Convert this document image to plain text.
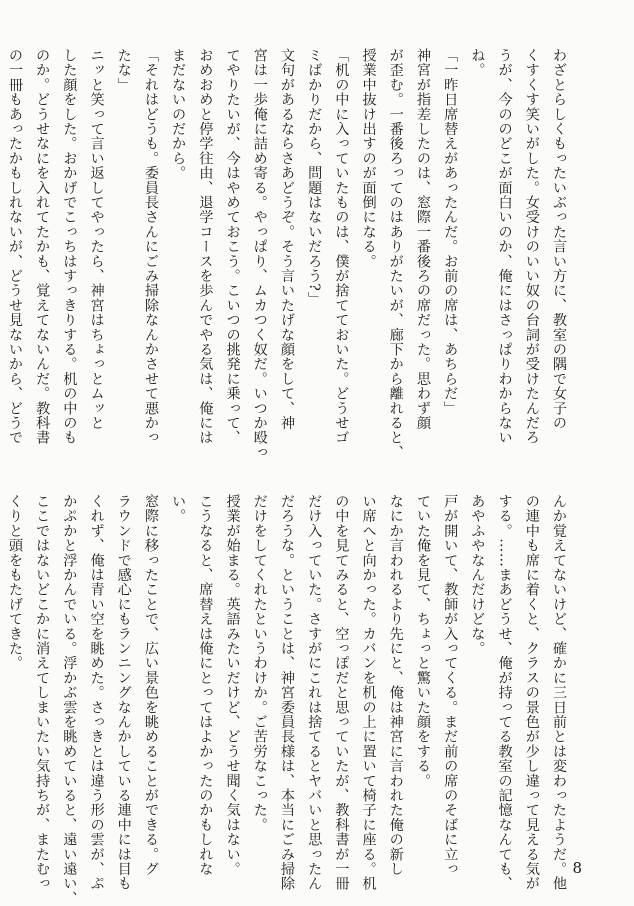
わざとらしくもったいぶった言い方に、教室の隅で女子の
くすくす笑いがした。女受けのいい奴の台詞が受けたんだろ
うが、今ののどこが面白いのか、俺にはさっぱりわからない
ね。
「一昨日席替えがあったんだ。お前の席は、あちらだ」
神宮が指差したのは、窓際一番後ろの席だった。思わず顔
が歪む。一番後ろってのはありがたいが、廊下から離れると、
授業中抜け出すのが面倒になる。
「机の中に入っていたものは、僕が捨てておいた。どうせゴ
ミばかりだから、問題はないだろう?」
文句があるならさあどうぞ。そう言いたげな顔をして、神
宮は一歩俺に詰め寄る。やっぱり、ムカつく奴だ。いつか殴っ
てやりたいが、今はやめておこう。こいつの挑発に乗って、
おめおめと停学往由、退学コースを歩んでやる気は、俺には
まだないのだから。
「それはどうも。委員長さんにごみ掃除なんかさせて悪かっ
たな」
ニッと笑って言い返してやったら、神宮はちょっとムッと
した顔をした。おかげでこっちはすっきりする。机の中のも
のか。どうせなにを入れてたかも、覚えてないんだ。教科書
の一冊もあったかもしれないが、どうせ見ないから、どうで
んか覚えてないけど、確かに三日前とは変わったようだ。他
の連中も席に着くと、クラスの景色が少し違って見える気が
する。……まあどうせ、俺が持ってる教室の記憶なんても、
あやふやなんだけどな。
戸が開いて、教師が入ってくる。まだ前の席のそばに立っ
ていた俺を見て、ちょっと驚いた顔をする。
なにか言われるより先にと、俺は神宮に言われた俺の新し
い席へと向かった。カバンを机の上に置いて椅子に座る。机
の中を見てみると、空っぽだと思っていたが、教科書が一冊
だけ入っていた。さすがにこれは捨てるとヤバいと思ったん
だろうな。ということは、神宮委員長様は、本当にごみ掃除
だけをしてくれたというわけか。ご苦労なこった。
授業が始まる。英語みたいだけど、どうせ聞く気はない。
こうなると、席替えは俺にとってはよかったのかもしれな
い。
窓際に移ったことで、広い景色を眺めることができる。グ
ラウンドで感心にもランニングなんかしている連中には目も
くれず、俺は青い空を眺めた。さっきとは違う形の雲が、ぷ
かぷかと浮かんでいる。浮かぶ雲を眺めていると、遠い遠い、
ここではないどこかに消えてしまいたい気持ちが、またむっ
くりと頭をもたげてきた。

8
